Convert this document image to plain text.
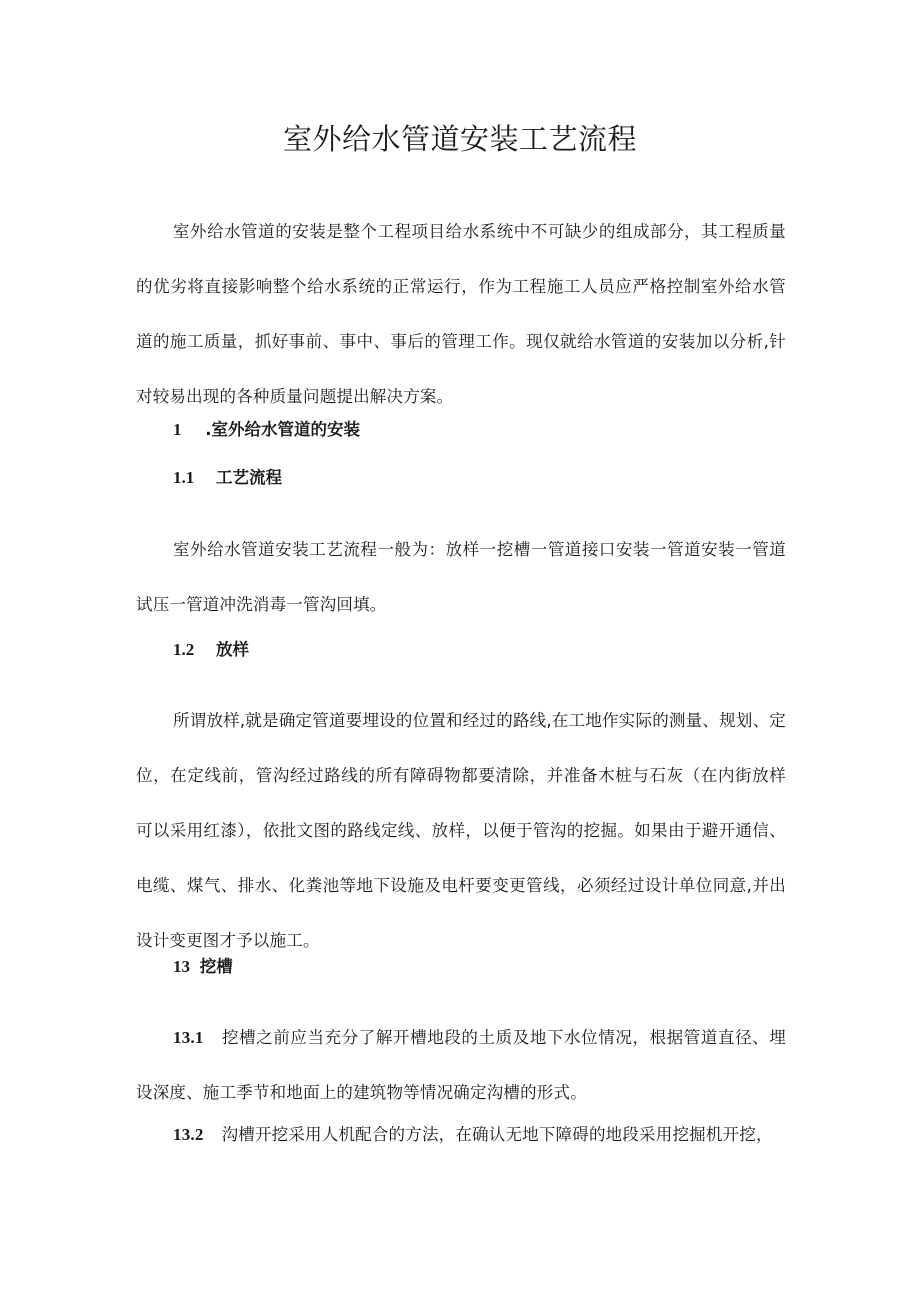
室外给水管道安装工艺流程

室外给水管道的安装是整个工程项目给水系统中不可缺少的组成部分，其工程质量的优劣将直接影响整个给水系统的正常运行，作为工程施工人员应严格控制室外给水管道的施工质量，抓好事前、事中、事后的管理工作。现仅就给水管道的安装加以分析,针对较易出现的各种质量问题提出解决方案。

1 .室外给水管道的安装
1.1 工艺流程

室外给水管道安装工艺流程一般为：放样一挖槽一管道接口安装一管道安装一管道试压一管道冲洗消毒一管沟回填。

1.2 放样

所谓放样,就是确定管道要埋设的位置和经过的路线,在工地作实际的测量、规划、定位，在定线前，管沟经过路线的所有障碍物都要清除，并准备木桩与石灰（在内街放样可以采用红漆），依批文图的路线定线、放样，以便于管沟的挖掘。如果由于避开通信、电缆、煤气、排水、化粪池等地下设施及电杆要变更管线，必须经过设计单位同意,并出设计变更图才予以施工。

13 挖槽

13.1 挖槽之前应当充分了解开槽地段的土质及地下水位情况，根据管道直径、埋设深度、施工季节和地面上的建筑物等情况确定沟槽的形式。

13.2 沟槽开挖采用人机配合的方法，在确认无地下障碍的地段采用挖掘机开挖，
